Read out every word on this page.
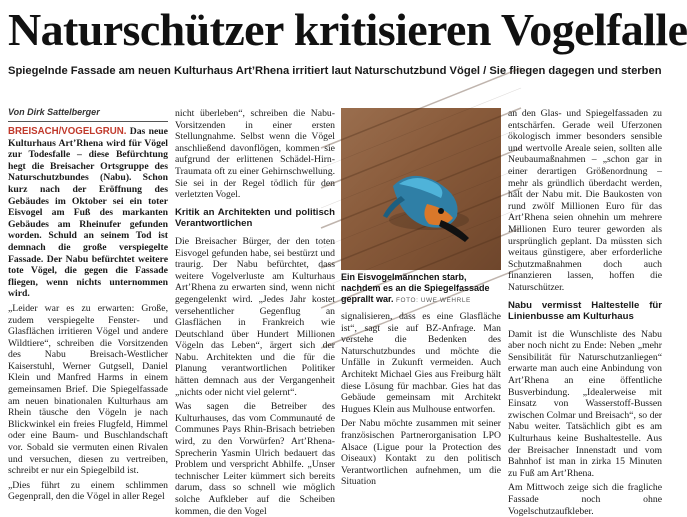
Naturschützer kritisieren Vogelfalle
Spiegelnde Fassade am neuen Kulturhaus Art’Rhena irritiert laut Naturschutzbund Vögel / Sie fliegen dagegen und sterben
Von Dirk Sattelberger

BREISACH/VOGELGRUN. Das neue Kulturhaus Art’Rhena wird für Vögel zur Todesfalle – diese Befürchtung hegt die Breisacher Ortsgruppe des Naturschutzbundes (Nabu). Schon kurz nach der Eröffnung des Gebäudes im Oktober sei ein toter Eisvogel am Fuß des markanten Gebäudes am Rheinufer gefunden worden. Schuld an seinem Tod ist demnach die große verspiegelte Fassade. Der Nabu befürchtet weitere tote Vögel, die gegen die Fassade fliegen, wenn nichts unternommen wird.

„Leider war es zu erwarten: Große, zudem verspiegelte Fenster- und Glasflächen irritieren Vögel und andere Wildtiere“, schreiben die Vorsitzenden des Nabu Breisach-Westlicher Kaiserstuhl, Werner Gutgsell, Daniel Klein und Manfred Harms in einem gemeinsamen Brief. Die Spiegelfassade am neuen binationalen Kulturhaus am Rhein täusche den Vögeln je nach Blickwinkel ein freies Flugfeld, Himmel oder eine Baum- und Buschlandschaft vor. Sobald sie vermuten einen Rivalen und versuchen, diesen zu vertreiben, schreibt er nur ein Spiegelbild ist.

„Dies führt zu einem schlimmen Gegenprall, den die Vögel in aller Regel

nicht überleben“, schreiben die Nabu-Vorsitzenden in einer ersten Stellungnahme. Selbst wenn die Vögel anschließend davonflögen, kommen sie aufgrund der erlittenen Schädel-Hirn-Traumata oft zu einer Gehirnschwellung. Sie sei in der Regel tödlich für den verletzten Vogel.

Kritik an Architekten und politisch Verantwortlichen

Die Breisacher Bürger, der den toten Eisvogel gefunden habe, sei bestürzt und traurig. Der Nabu befürchtet, dass weitere Vogelverluste am Kulturhaus Art’Rhena zu erwarten sind, wenn nicht gegengelenkt wird. „Jedes Jahr kostet versehentlicher Gegenflug an Glasflächen in Frankreich wie Deutschland über Hundert Millionen Vögeln das Leben“, ärgert sich der Nabu. Architekten und die für die Planung verantwortlichen Politiker hätten demnach aus der Vergangenheit „nichts oder nicht viel gelernt“.

Was sagen die Betreiber des Kulturhauses, das vom Communauté de Communes Pays Rhin-Brisach betrieben wird, zu den Vorwürfen? Art’Rhena-Sprecherin Yasmin Ulrich bedauert das Problem und verspricht Abhilfe. „Unser technischer Leiter kümmert sich bereits darum, dass so schnell wie möglich solche Aufkleber auf die Scheiben kommen, die den Vogel

Ein Eisvogelmännchen starb, nachdem es an die Spiegelfassade geprallt war. FOTO: UWE WEHRLE

signalisieren, dass es eine Glasfläche ist“, sagt sie auf BZ-Anfrage. Man verstehe die Bedenken des Naturschutzbundes und möchte die Unfälle in Zukunft vermeiden. Auch Architekt Michael Gies aus Freiburg hält diese Lösung für machbar. Gies hat das Gebäude gemeinsam mit Architekt Hugues Klein aus Mulhouse entworfen.

Der Nabu möchte zusammen mit seiner französischen Partnerorganisation LPO Alsace (Ligue pour la Protection des Oiseaux) Kontakt zu den politisch Verantwortlichen aufnehmen, um die Situation

an den Glas- und Spiegelfassaden zu entschärfen. Gerade weil Uferzonen ökologisch immer besonders sensible und wertvolle Areale seien, sollten alle Neubaumaßnahmen – „schon gar in einer derartigen Größenordnung – mehr als gründlich überdacht werden, hält der Nabu mit. Die Baukosten von rund zwölf Millionen Euro für das Art’Rhena seien ohnehin um mehrere Millionen Euro teurer geworden als ursprünglich geplant. Da müssten sich weitaus günstigere, aber erforderliche Schutzmaßnahmen doch auch finanzieren lassen, hoffen die Naturschützer.

Nabu vermisst Haltestelle für Linienbusse am Kulturhaus

Damit ist die Wunschliste des Nabu aber noch nicht zu Ende: Neben „mehr Sensibilität für Naturschutzanliegen“ erwarte man auch eine Anbindung von Art’Rhena an eine öffentliche Busverbindung. „Idealerweise mit Einsatz von Wasserstoff-Bussen zwischen Colmar und Breisach“, so der Nabu weiter. Tatsächlich gibt es am Kulturhaus keine Bushaltestelle. Aus der Breisacher Innenstadt und vom Bahnhof ist man in zirka 15 Minuten zu Fuß am Art’Rhena.

Am Mittwoch zeige sich die fragliche Fassade noch ohne Vogelschutzaufkleber.
